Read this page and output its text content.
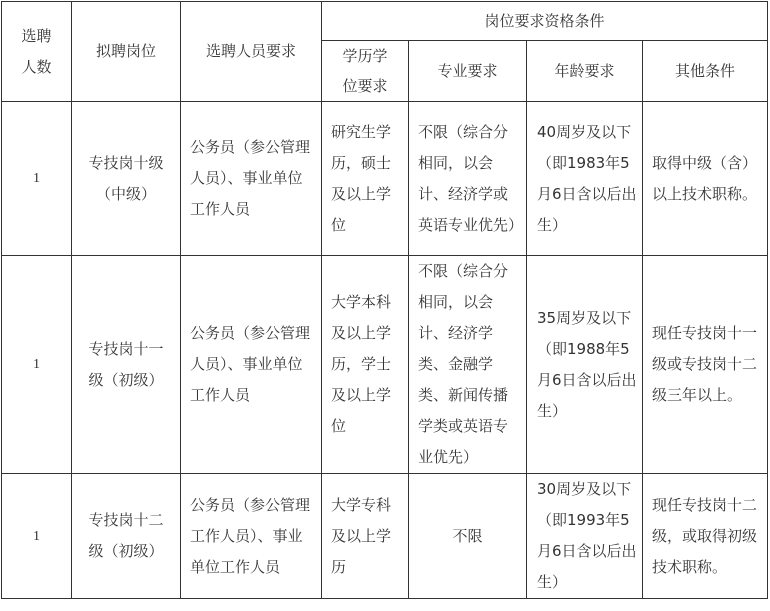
选聘人数	拟聘岗位	选聘人员要求	岗位要求资格条件			
			学历学位要求	专业要求	年龄要求	其他条件
1	专技岗十级（中级）	公务员（参公管理人员）、事业单位工作人员	研究生学历，硕士及以上学位	不限（综合分相同，以会计、经济学或英语专业优先）	40周岁及以下（即1983年5月6日含以后出生）	取得中级（含）以上技术职称。
1	专技岗十一级（初级）	公务员（参公管理人员）、事业单位工作人员	大学本科及以上学历，学士及以上学位	不限（综合分相同，以会计、经济学类、金融学类、新闻传播学类或英语专业优先）	35周岁及以下（即1988年5月6日含以后出生）	现任专技岗十一级或专技岗十二级三年以上。
1	专技岗十二级（初级）	公务员（参公管理工作人员）、事业单位工作人员	大学专科及以上学历	不限	30周岁及以下（即1993年5月6日含以后出生）	现任专技岗十二级，或取得初级技术职称。
